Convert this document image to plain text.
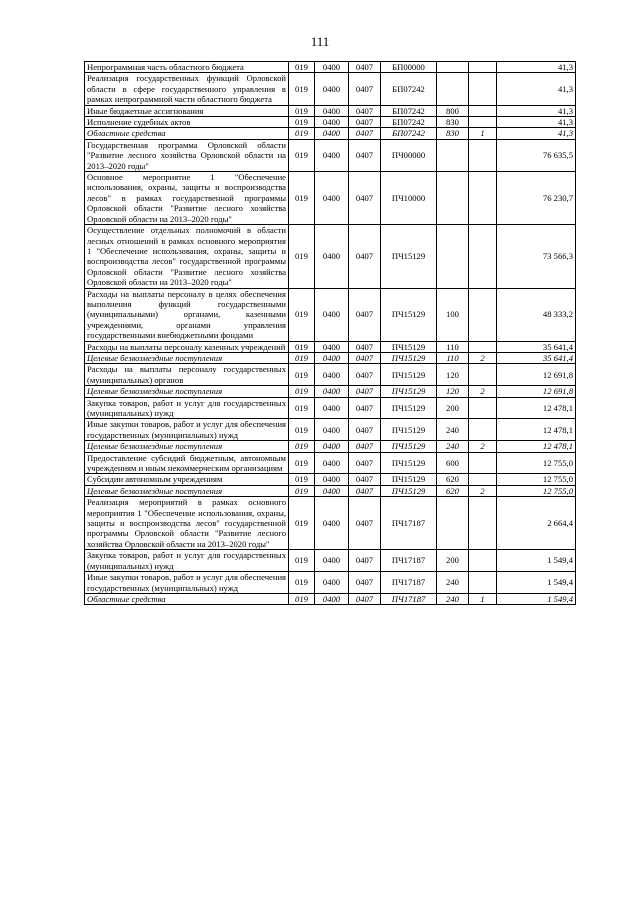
111
Непрограммная часть областного бюджета	019	0400	0407	БП00000			41,3
Реализация государственных функций Орловской области в сфере государственного управления в рамках непрограммной части областного бюджета	019	0400	0407	БП07242			41,3
Иные бюджетные ассигнования	019	0400	0407	БП07242	800		41,3
Исполнение судебных актов	019	0400	0407	БП07242	830		41,3
Областные средства	019	0400	0407	БП07242	830	1	41,3
Государственная программа Орловской области "Развитие лесного хозяйства Орловской области на 2013–2020 годы"	019	0400	0407	ПЧ00000			76 635,5
Основное мероприятие 1 "Обеспечение использования, охраны, защиты и воспроизводства лесов" в рамках государственной программы Орловской области "Развитие лесного хозяйства Орловской области на 2013–2020 годы"	019	0400	0407	ПЧ10000			76 230,7
Осуществление отдельных полномочий в области лесных отношений в рамках основного мероприятия 1 "Обеспечение использования, охраны, защиты и воспроизводства лесов" государственной программы Орловской области "Развитие лесного хозяйства Орловской области на 2013–2020 годы"	019	0400	0407	ПЧ15129			73 566,3
Расходы на выплаты персоналу в целях обеспечения выполнения функций государственными (муниципальными) органами, казенными учреждениями, органами управления государственными внебюджетными фондами	019	0400	0407	ПЧ15129	100		48 333,2
Расходы на выплаты персоналу казенных учреждений	019	0400	0407	ПЧ15129	110		35 641,4
Целевые безвозмездные поступления	019	0400	0407	ПЧ15129	110	2	35 641,4
Расходы на выплаты персоналу государственных (муниципальных) органов	019	0400	0407	ПЧ15129	120		12 691,8
Целевые безвозмездные поступления	019	0400	0407	ПЧ15129	120	2	12 691,8
Закупка товаров, работ и услуг для государственных (муниципальных) нужд	019	0400	0407	ПЧ15129	200		12 478,1
Иные закупки товаров, работ и услуг для обеспечения государственных (муниципальных) нужд	019	0400	0407	ПЧ15129	240		12 478,1
Целевые безвозмездные поступления	019	0400	0407	ПЧ15129	240	2	12 478,1
Предоставление субсидий бюджетным, автономным учреждениям и иным некоммерческим организациям	019	0400	0407	ПЧ15129	600		12 755,0
Субсидии автономным учреждениям	019	0400	0407	ПЧ15129	620		12 755,0
Целевые безвозмездные поступления	019	0400	0407	ПЧ15129	620	2	12 755,0
Реализация мероприятий в рамках основного мероприятия 1 "Обеспечение использования, охраны, защиты и воспроизводства лесов" государственной программы Орловской области "Развитие лесного хозяйства Орловской области на 2013–2020 годы"	019	0400	0407	ПЧ17187			2 664,4
Закупка товаров, работ и услуг для государственных (муниципальных) нужд	019	0400	0407	ПЧ17187	200		1 549,4
Иные закупки товаров, работ и услуг для обеспечения государственных (муниципальных) нужд	019	0400	0407	ПЧ17187	240		1 549,4
Областные средства	019	0400	0407	ПЧ17187	240	1	1 549,4
